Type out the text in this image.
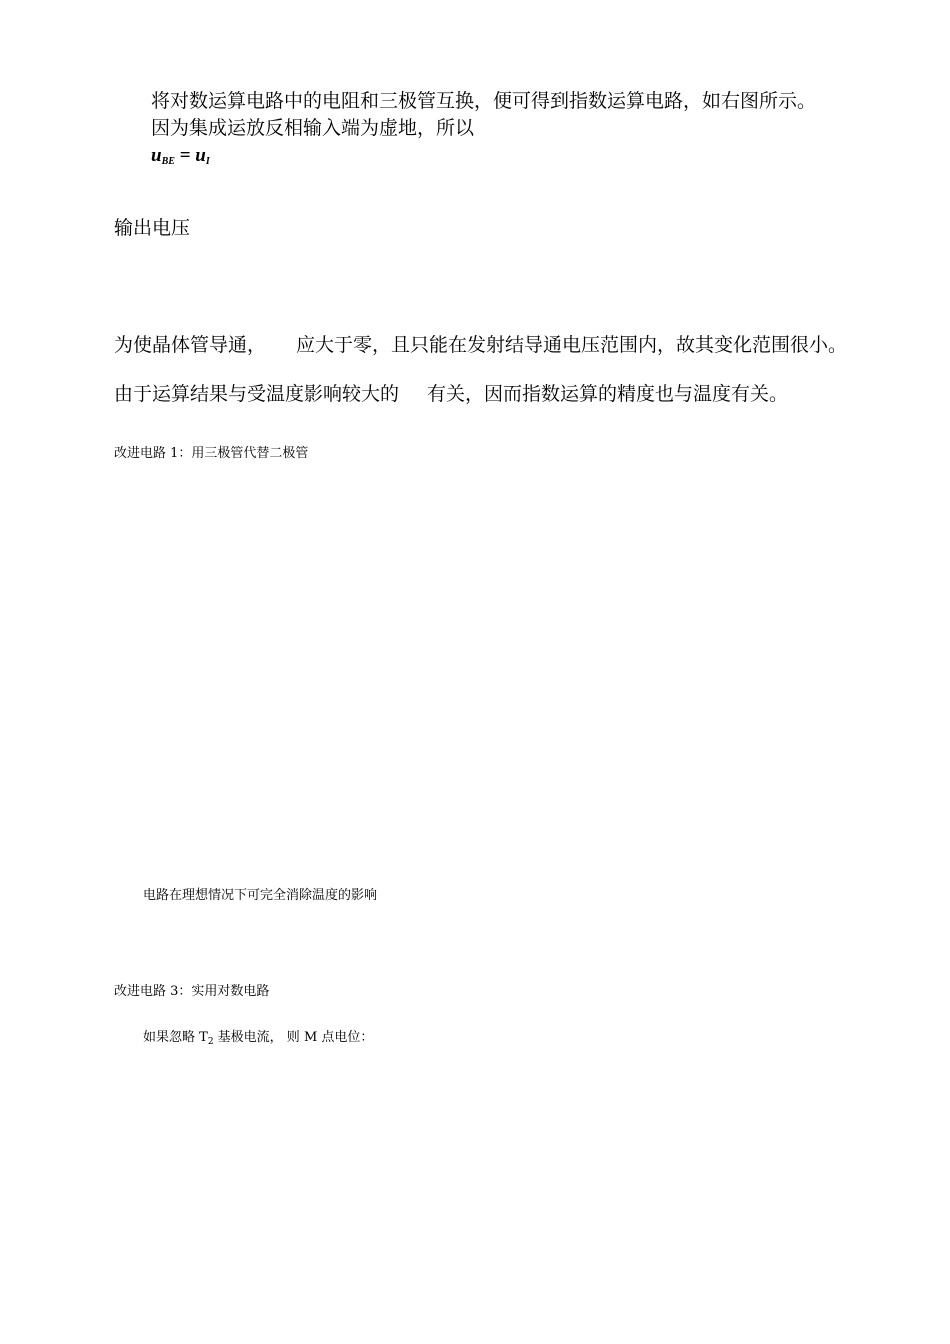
将对数运算电路中的电阻和三极管互换，便可得到指数运算电路，如右图所示。
因为集成运放反相输入端为虚地，所以
$u_{BE} = u_I$
输出电压
为使晶体管导通， 应大于零，且只能在发射结导通电压范围内，故其变化范围很小。
由于运算结果与受温度影响较大的 有关，因而指数运算的精度也与温度有关。
改进电路 1：用三极管代替二极管
电路在理想情况下可完全消除温度的影响
改进电路 3：实用对数电路
如果忽略 $T_2$ 基极电流， 则 M 点电位：
